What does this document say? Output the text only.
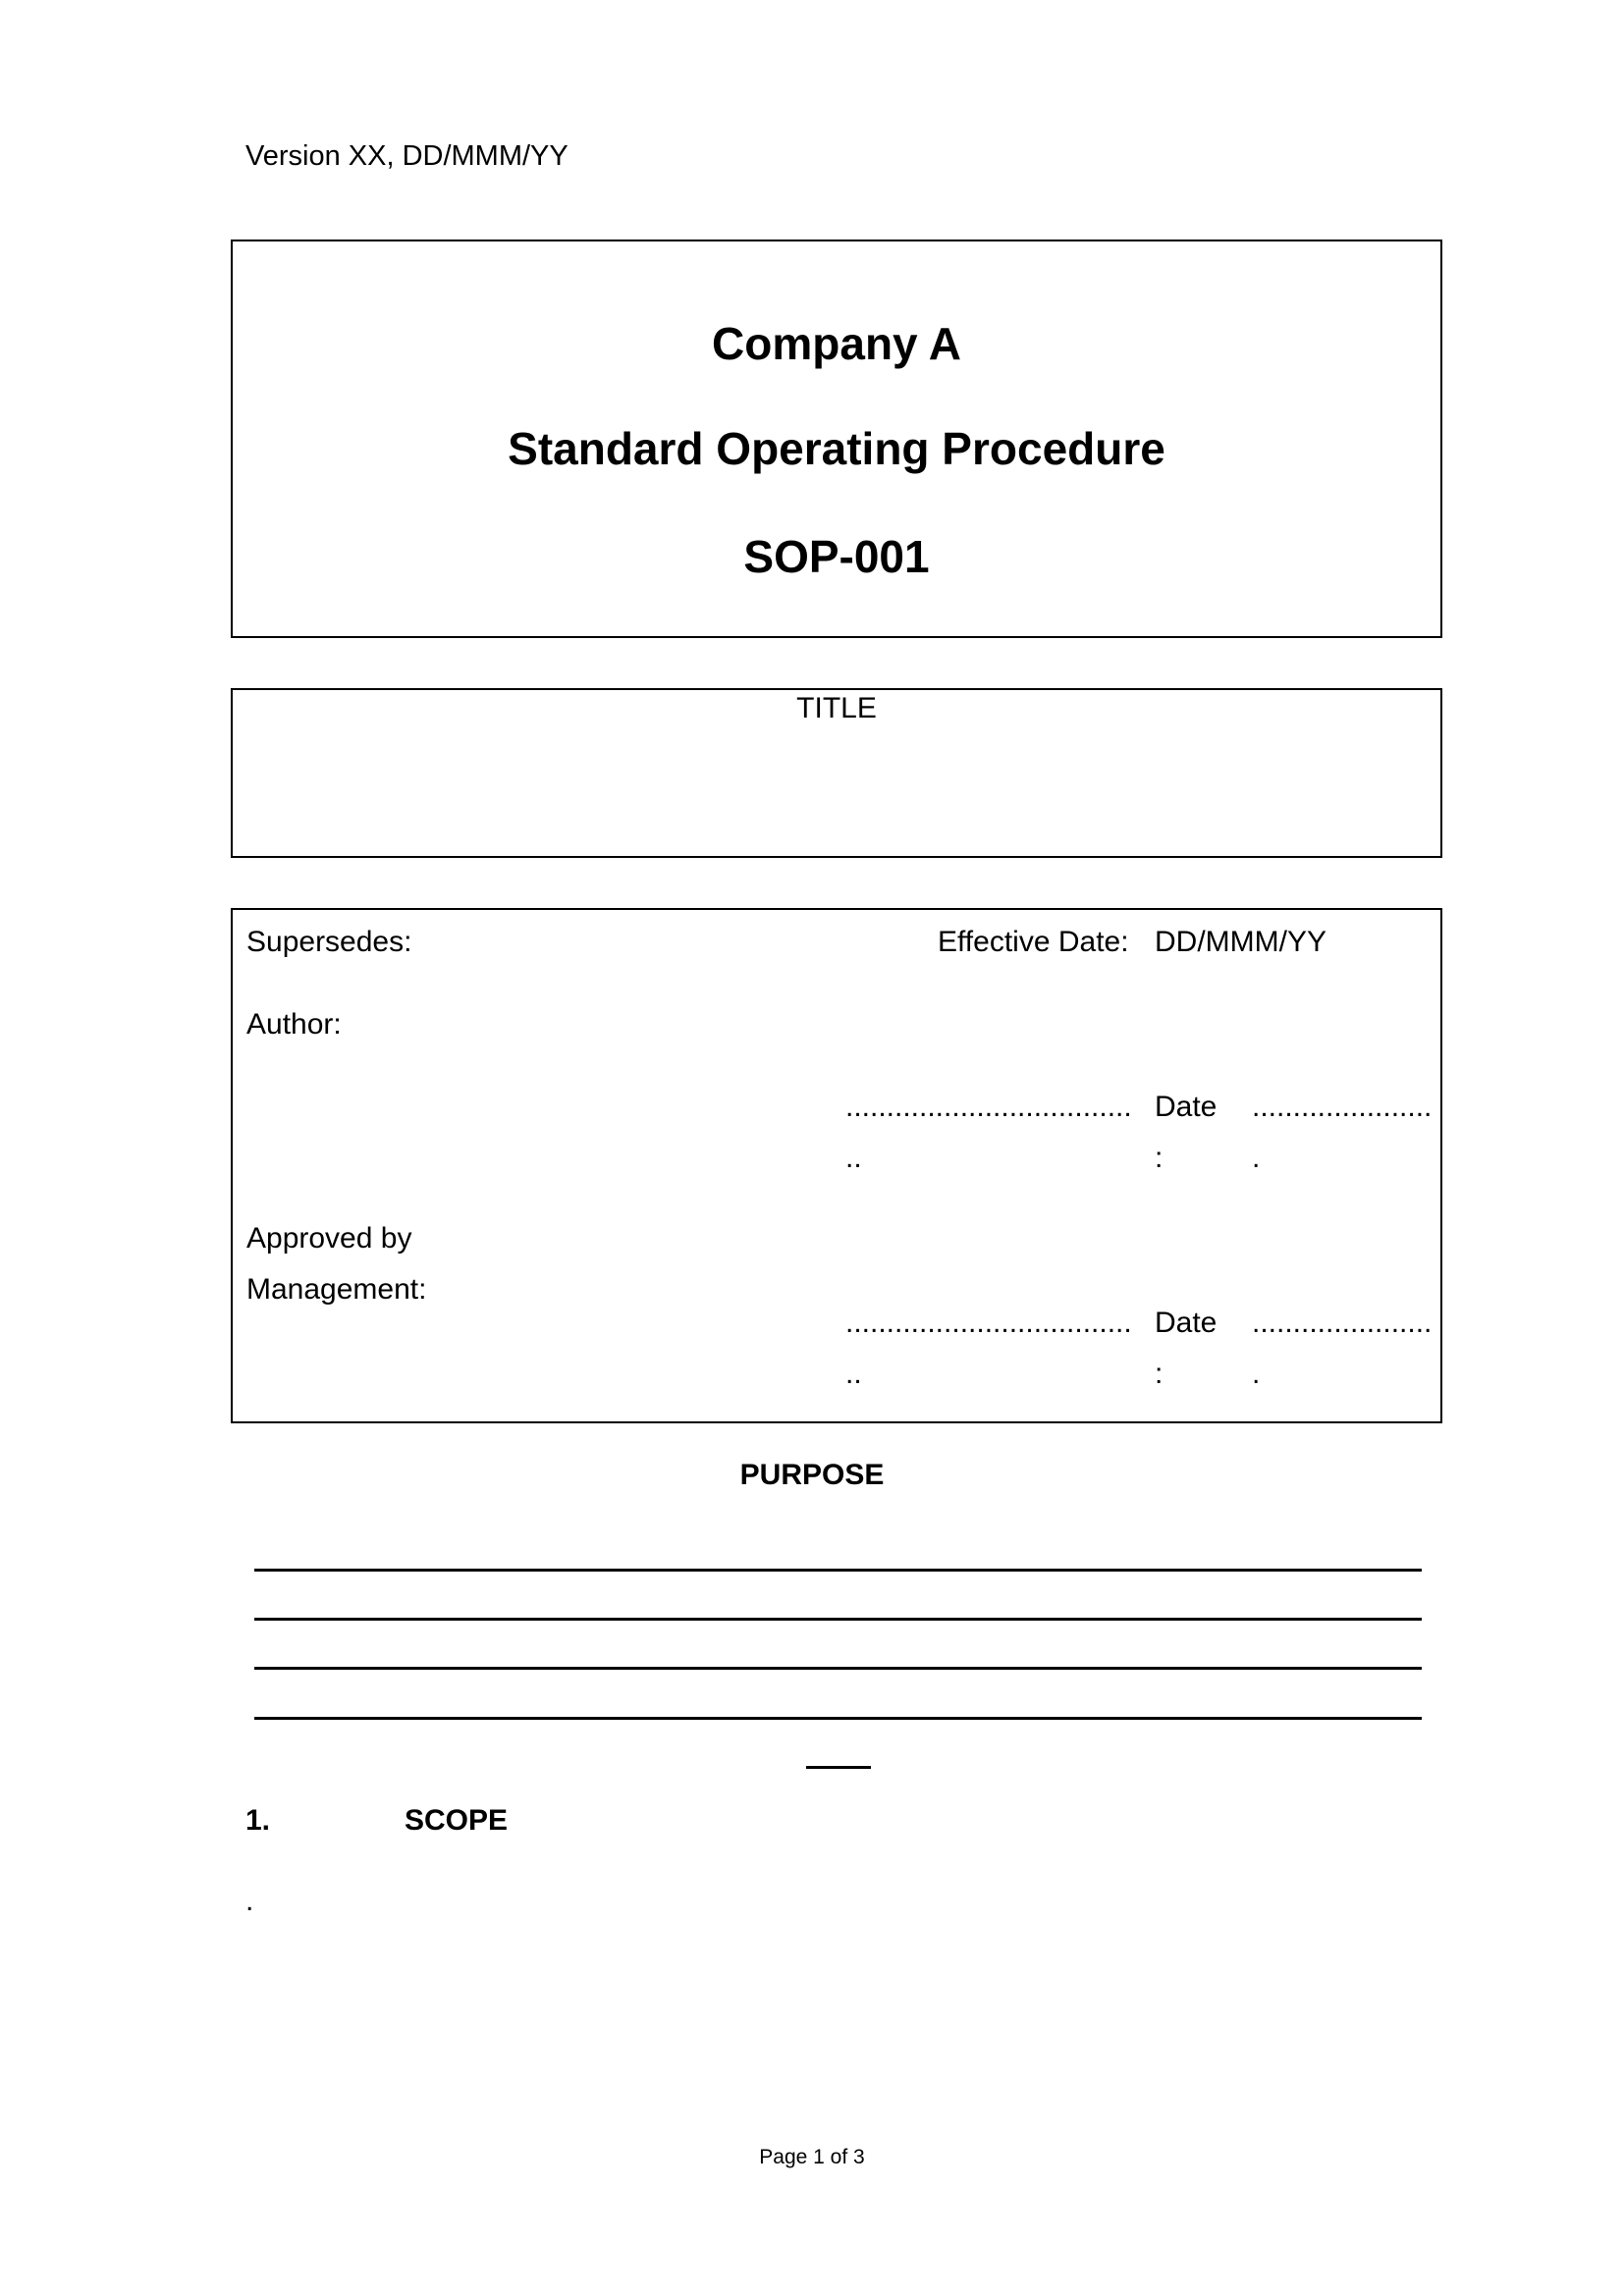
Version XX, DD/MMM/YY
Company A
Standard Operating Procedure
SOP-001
TITLE
Supersedes:	Effective Date: DD/MMM/YY
Author:
...................................
..
Date
:
......................
.
Approved by
Management:
...................................
..
Date
:
......................
.
PURPOSE
1.	SCOPE
.
Page 1 of 3
